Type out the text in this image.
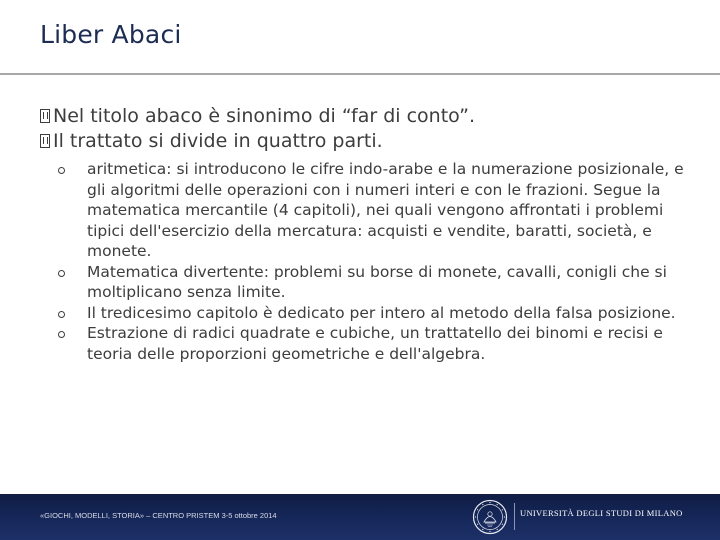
Liber Abaci
Nel titolo abaco è sinonimo di “far di conto”.
Il trattato si divide in quattro parti.
aritmetica: si introducono le cifre indo-arabe e la numerazione posizionale, e gli algoritmi delle operazioni con i numeri interi e con le frazioni. Segue la matematica mercantile (4 capitoli), nei quali vengono affrontati i problemi tipici dell'esercizio della mercatura: acquisti e vendite, baratti, società, e monete.
Matematica divertente: problemi su borse di monete, cavalli, conigli che si moltiplicano senza limite.
Il tredicesimo capitolo è dedicato per intero al metodo della falsa posizione.
Estrazione di radici quadrate e cubiche, un trattatello dei binomi e recisi e teoria delle proporzioni geometriche e dell'algebra.
«GIOCHI, MODELLI, STORIA» – CENTRO PRISTEM 3-5 ottobre 2014	UNIVERSITÀ DEGLI STUDI DI MILANO
